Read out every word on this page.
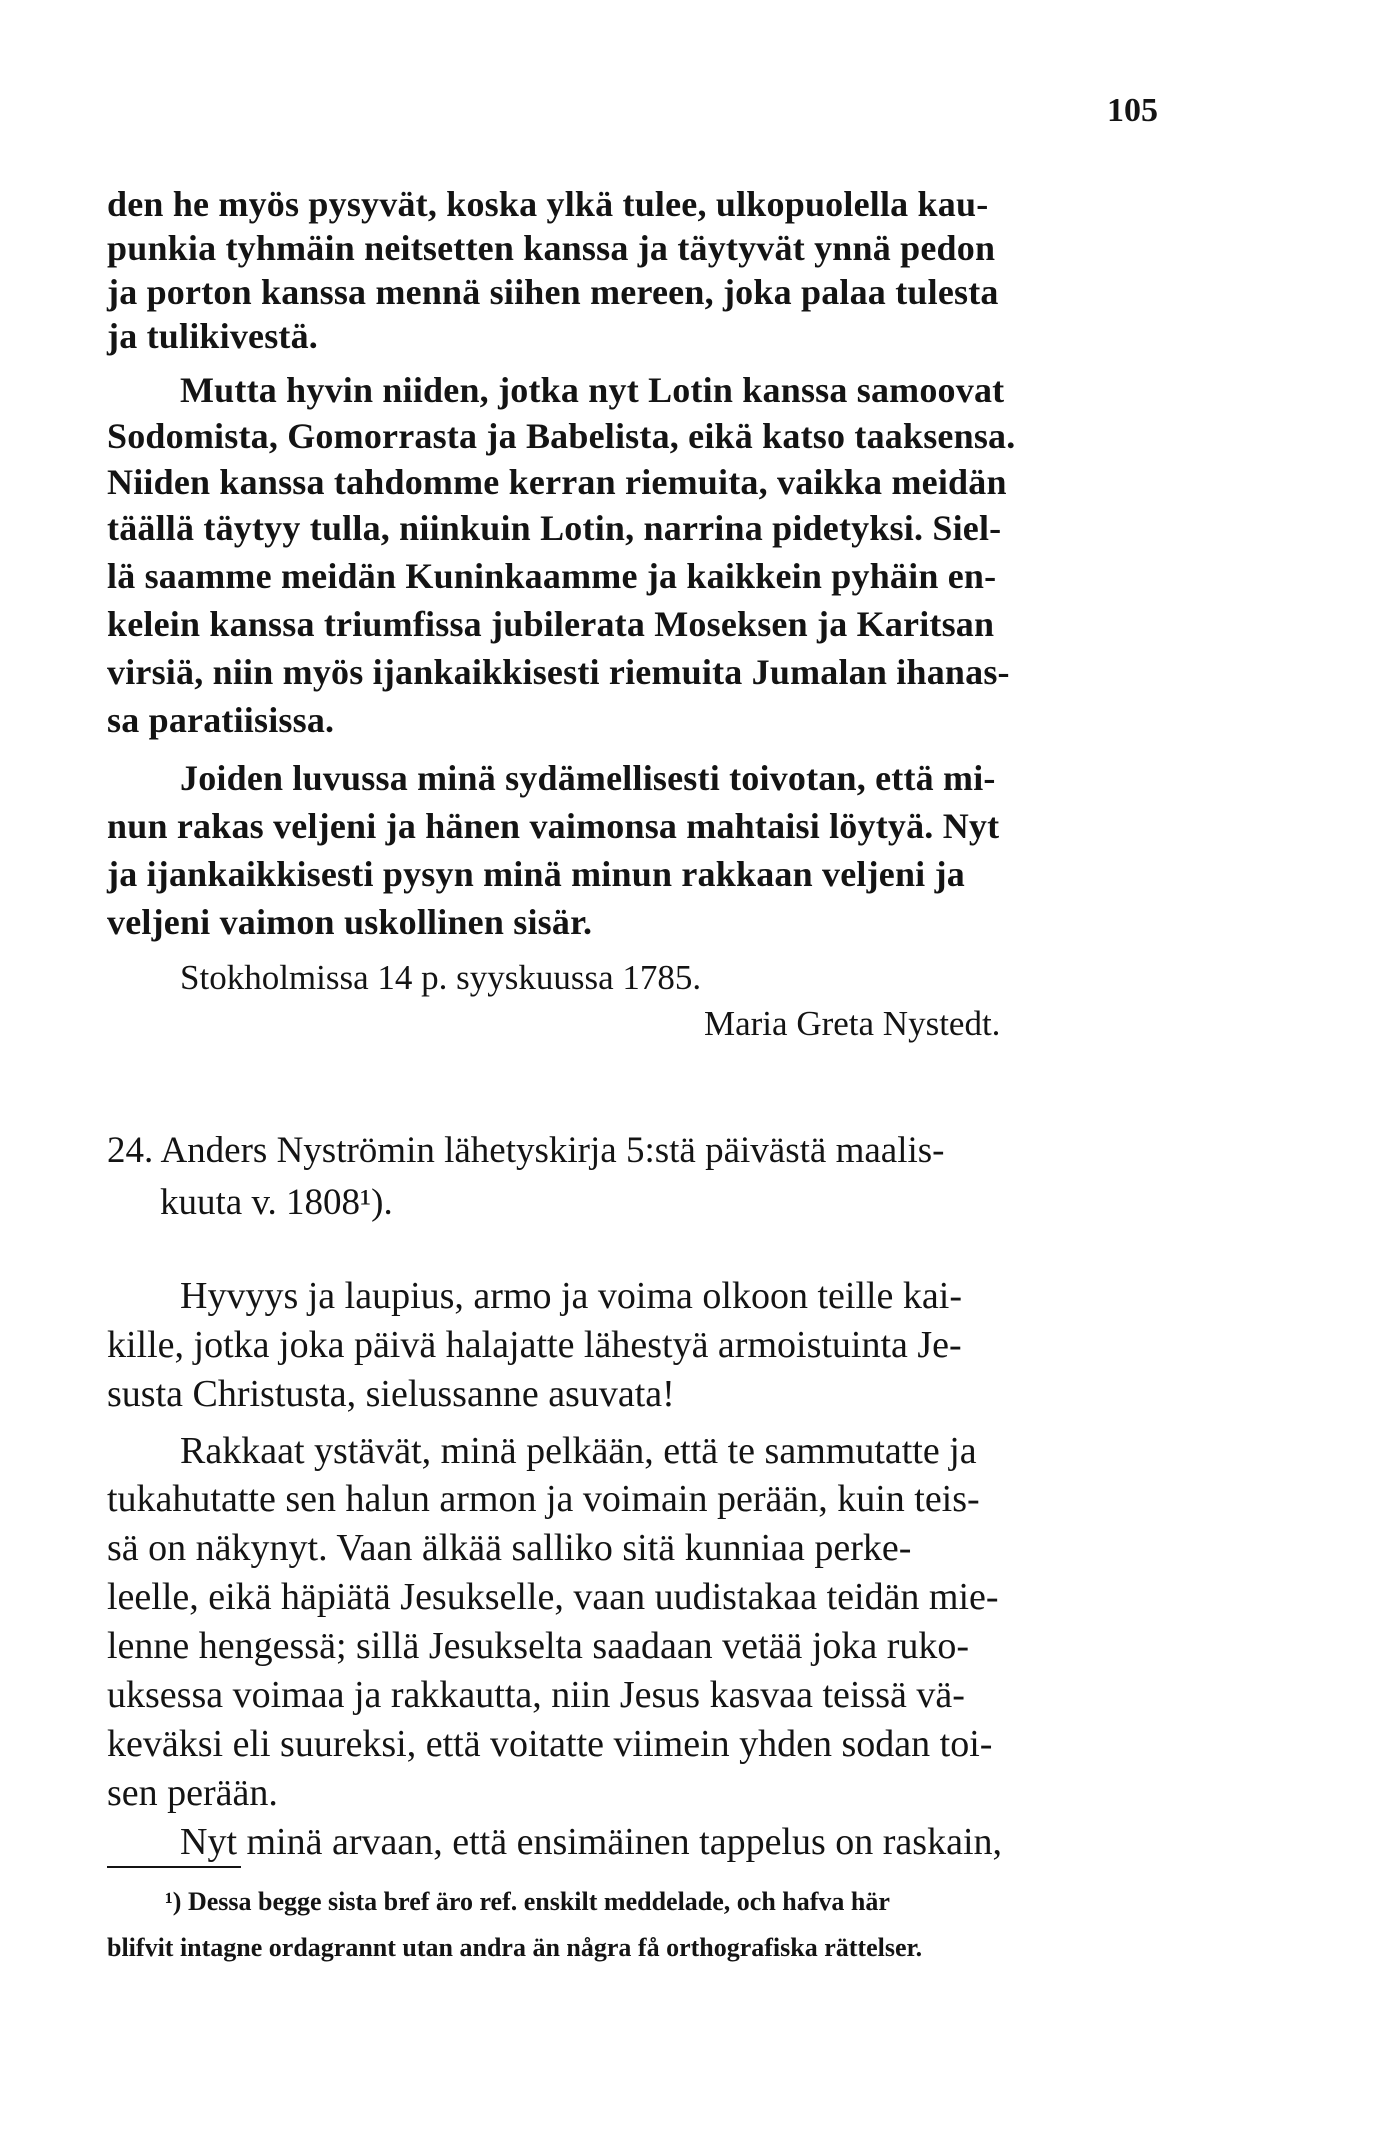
105
den he myös pysyvät, koska ylkä tulee, ulkopuolella kau-
punkia tyhmäin neitsetten kanssa ja täytyvät ynnä pedon
ja porton kanssa mennä siihen mereen, joka palaa tulesta
ja tulikivestä.
Mutta hyvin niiden, jotka nyt Lotin kanssa samoovat
Sodomista, Gomorrasta ja Babelista, eikä katso taaksensa.
Niiden kanssa tahdomme kerran riemuita, vaikka meidän
täällä täytyy tulla, niinkuin Lotin, narrina pidetyksi. Siel-
lä saamme meidän Kuninkaamme ja kaikkein pyhäin en-
kelein kanssa triumfissa jubilerata Moseksen ja Karitsan
virsiä, niin myös ijankaikkisesti riemuita Jumalan ihanas-
sa paratiisissa.
Joiden luvussa minä sydämellisesti toivotan, että mi-
nun rakas veljeni ja hänen vaimonsa mahtaisi löytyä. Nyt
ja ijankaikkisesti pysyn minä minun rakkaan veljeni ja
veljeni vaimon uskollinen sisär.
Stokholmissa 14 p. syyskuussa 1785.
Maria Greta Nystedt.
24. Anders Nyströmin lähetyskirja 5:stä päivästä maalis-
kuuta v. 1808¹).
Hyvyys ja laupius, armo ja voima olkoon teille kai-
kille, jotka joka päivä halajatte lähestyä armoistuinta Je-
susta Christusta, sielussanne asuvata!
Rakkaat ystävät, minä pelkään, että te sammutatte ja
tukahutatte sen halun armon ja voimain perään, kuin teis-
sä on näkynyt. Vaan älkää salliko sitä kunniaa perke-
leelle, eikä häpiätä Jesukselle, vaan uudistakaa teidän mie-
lenne hengessä; sillä Jesukselta saadaan vetää joka ruko-
uksessa voimaa ja rakkautta, niin Jesus kasvaa teissä vä-
keväksi eli suureksi, että voitatte viimein yhden sodan toi-
sen perään.
Nyt minä arvaan, että ensimäinen tappelus on raskain,
¹) Dessa begge sista bref äro ref. enskilt meddelade, och hafva här
blifvit intagne ordagrannt utan andra än några få orthografiska rättelser.
